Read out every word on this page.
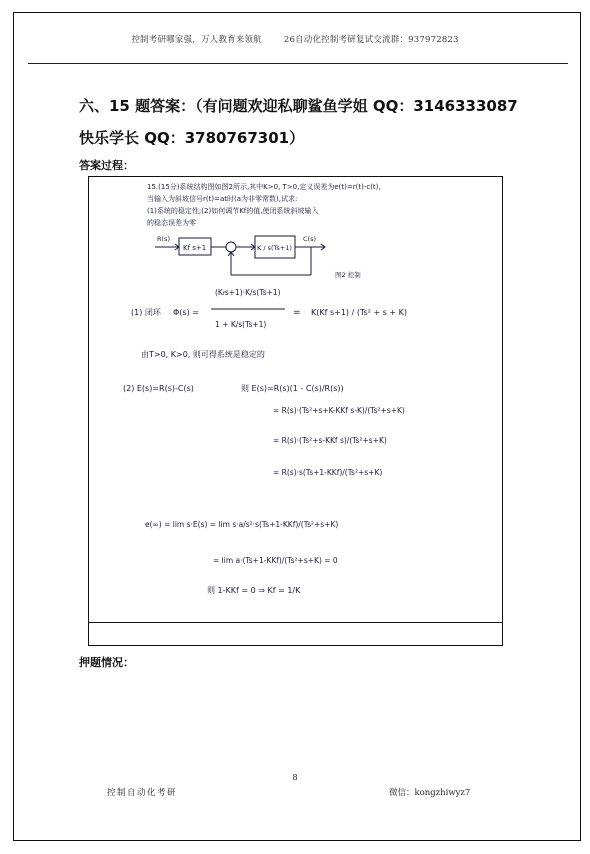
控制考研哪家强，万人教育来领航	26自动化控制考研复试交流群：937972823
六、15 题答案：（有问题欢迎私聊鲨鱼学姐 QQ：3146333087
快乐学长 QQ：3780767301）
答案过程：
15.(15分)系统结构图如图2所示,其中K>0, T>0,定义误差为e(t)=r(t)-c(t),
当输入为斜坡信号r(t)=at时(a为非零常数),试求:
(1)系统的稳定性;(2)如何调节Kf的值,使闭系统斜坡输入
的稳态误差为零
R(s)
Kf s+1	K / s(Ts+1)
C(s)
图2 控制
(1) 闭环 Φ(s) =
(Kfs+1)·K/s(Ts+1)
1 + K/s(Ts+1)
= K(Kf s+1) / (Ts² + s + K)
由T>0, K>0, 则可得系统是稳定的
(2) E(s)=R(s)-C(s)	则 E(s)=R(s)(1 - C(s)/R(s))
= R(s)·(Ts²+s+K-KKf s-K)/(Ts²+s+K)
= R(s)·(Ts²+s-KKf s)/(Ts²+s+K)
= R(s)·s(Ts+1-KKf)/(Ts²+s+K)
e(∞) = lim s·E(s) = lim s·a/s²·s(Ts+1-KKf)/(Ts²+s+K)
= lim a·(Ts+1-KKf)/(Ts²+s+K) = 0
则 1-KKf = 0 ⇒ Kf = 1/K
押题情况：
8
控制自动化考研	微信：kongzhiwyz7
